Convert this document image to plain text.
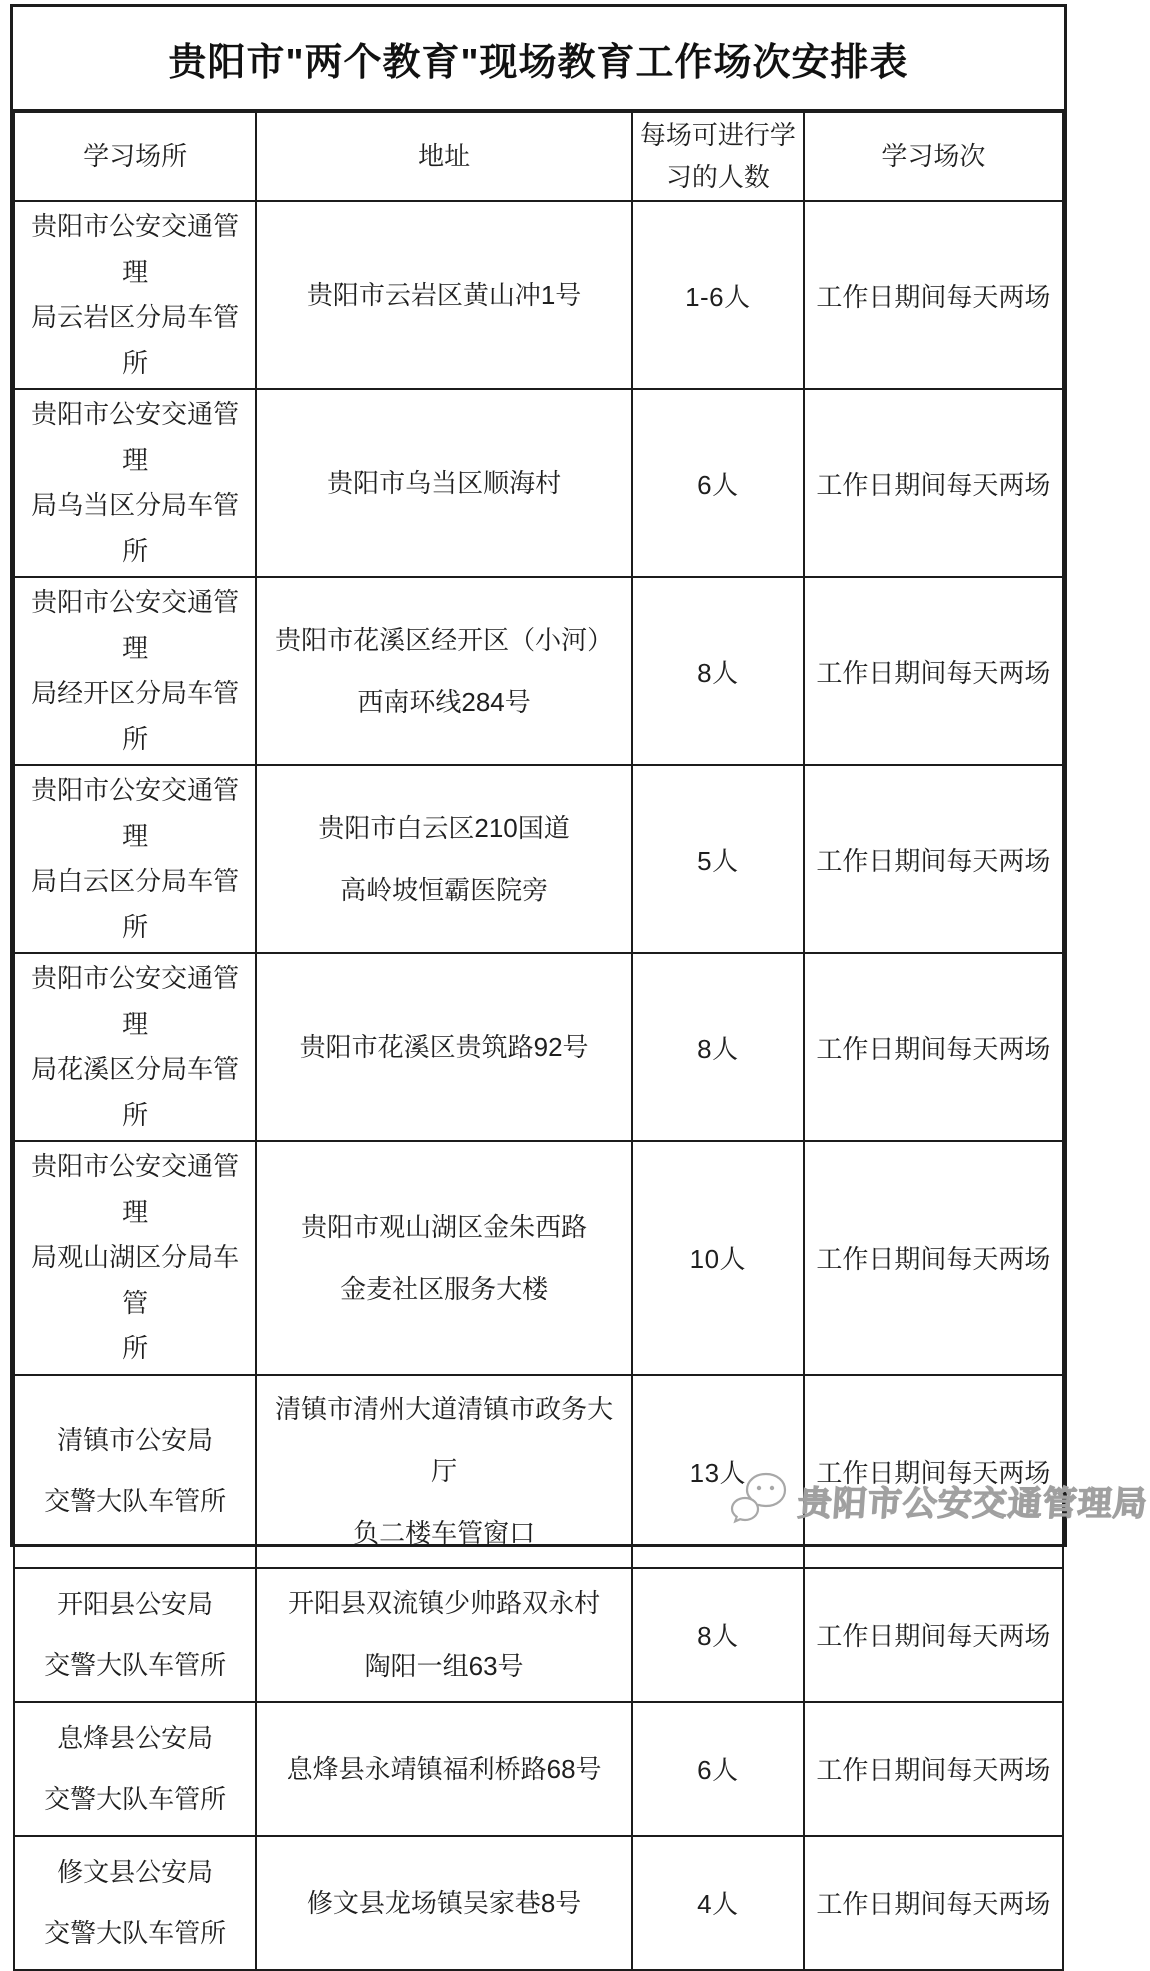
贵阳市"两个教育"现场教育工作场次安排表
学习场所	地址	每场可进行学习的人数	学习场次
贵阳市公安交通管理
局云岩区分局车管所	贵阳市云岩区黄山冲1号	1-6人	工作日期间每天两场
贵阳市公安交通管理
局乌当区分局车管所	贵阳市乌当区顺海村	6人	工作日期间每天两场
贵阳市公安交通管理
局经开区分局车管所	贵阳市花溪区经开区（小河）
西南环线284号	8人	工作日期间每天两场
贵阳市公安交通管理
局白云区分局车管所	贵阳市白云区210国道
高岭坡恒霸医院旁	5人	工作日期间每天两场
贵阳市公安交通管理
局花溪区分局车管所	贵阳市花溪区贵筑路92号	8人	工作日期间每天两场
贵阳市公安交通管理
局观山湖区分局车管
所	贵阳市观山湖区金朱西路
金麦社区服务大楼	10人	工作日期间每天两场
清镇市公安局
交警大队车管所	清镇市清州大道清镇市政务大厅
负二楼车管窗口	13人	工作日期间每天两场
开阳县公安局
交警大队车管所	开阳县双流镇少帅路双永村
陶阳一组63号	8人	工作日期间每天两场
息烽县公安局
交警大队车管所	息烽县永靖镇福利桥路68号	6人	工作日期间每天两场
修文县公安局
交警大队车管所	修文县龙场镇吴家巷8号	4人	工作日期间每天两场
贵阳市公安交通管理局
